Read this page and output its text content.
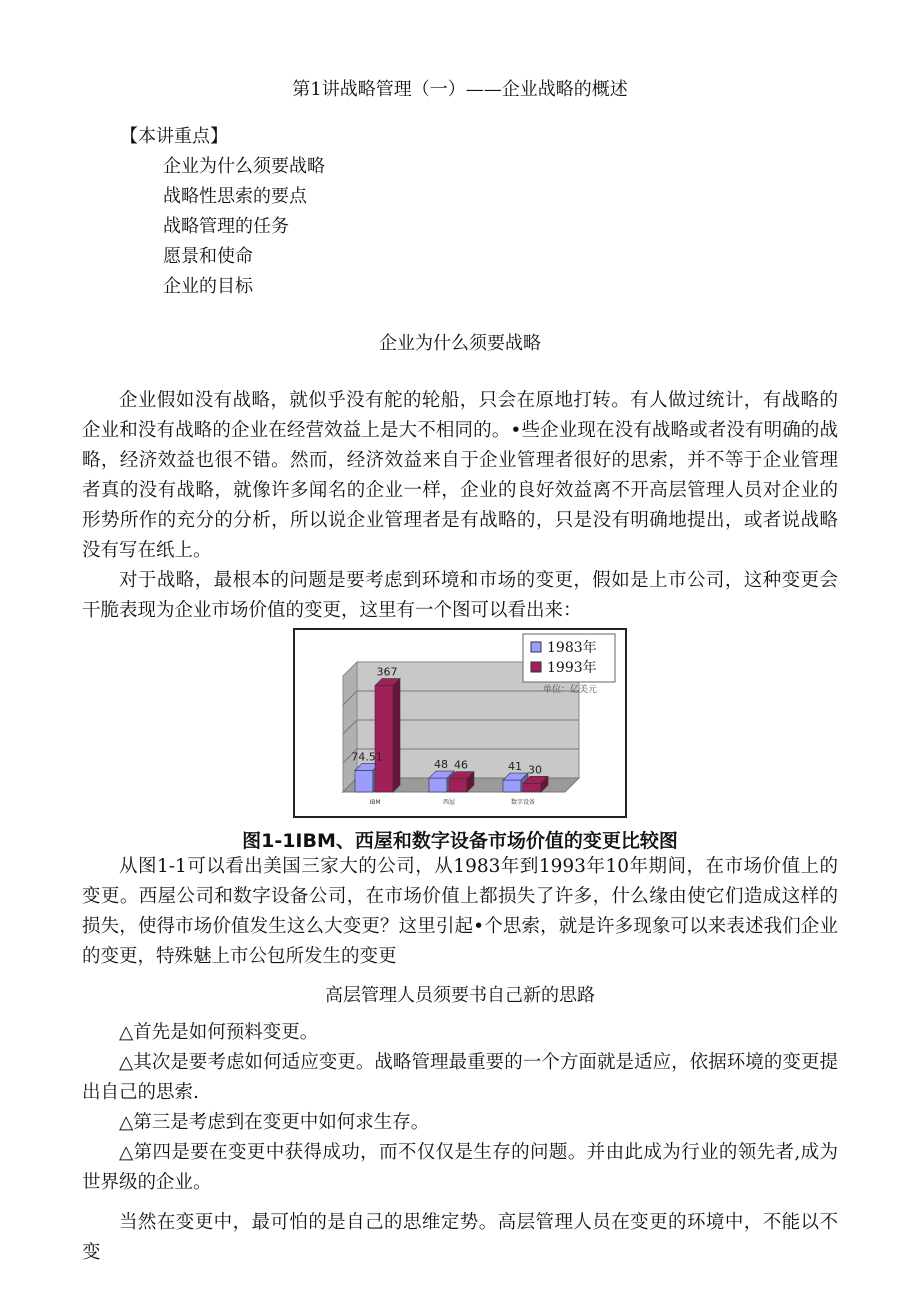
第1讲战略管理（一）——企业战略的概述
【本讲重点】
企业为什么须要战略
战略性思索的要点
战略管理的任务
愿景和使命
企业的目标
企业为什么须要战略
企业假如没有战略，就似乎没有舵的轮船，只会在原地打转。有人做过统计，有战略的企业和没有战略的企业在经营效益上是大不相同的。•些企业现在没有战略或者没有明确的战略，经济效益也很不错。然而，经济效益来自于企业管理者很好的思索，并不等于企业管理者真的没有战略，就像许多闻名的企业一样，企业的良好效益离不开高层管理人员对企业的形势所作的充分的分析，所以说企业管理者是有战略的，只是没有明确地提出，或者说战略没有写在纸上。
对于战略，最根本的问题是要考虑到环境和市场的变更，假如是上市公司，这种变更会干脆表现为企业市场价值的变更，这里有一个图可以看出来：
74.51
367
IBM
48 46
西屋
41 30
数字设备
1983年
1993年
单位：亿美元
图1-1IBM、西屋和数字设备市场价值的变更比较图
从图1-1可以看出美国三家大的公司，从1983年到1993年10年期间，在市场价值上的变更。西屋公司和数字设备公司，在市场价值上都损失了许多，什么缘由使它们造成这样的损失，使得市场价值发生这么大变更？这里引起•个思索，就是许多现象可以来表述我们企业的变更，特殊魅上市公包所发生的变更
高层管理人员须要书自己新的思路
△首先是如何预料变更。
△其次是要考虑如何适应变更。战略管理最重要的一个方面就是适应，依据环境的变更提出自己的思索.
△第三是考虑到在变更中如何求生存。
△第四是要在变更中获得成功，而不仅仅是生存的问题。并由此成为行业的领先者,成为世界级的企业。
当然在变更中，最可怕的是自己的思维定势。高层管理人员在变更的环境中，不能以不变
